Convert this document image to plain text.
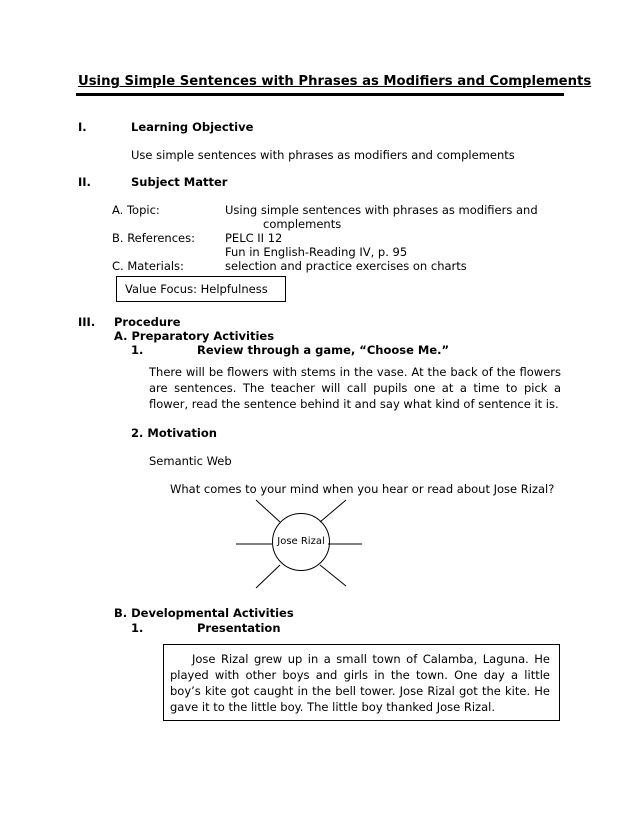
Using Simple Sentences with Phrases as Modifiers and Complements
I.	Learning Objective
Use simple sentences with phrases as modifiers and complements
II.	Subject Matter
A. Topic:	Using simple sentences with phrases as modifiers and
complements
B. References:	PELC II 12
Fun in English-Reading IV, p. 95
C. Materials:	selection and practice exercises on charts
Value Focus: Helpfulness
III. Procedure
A. Preparatory Activities
1.	Review through a game, “Choose Me.”
There will be flowers with stems in the vase. At the back of the flowers are sentences. The teacher will call pupils one at a time to pick a flower, read the sentence behind it and say what kind of sentence it is.
2. Motivation
Semantic Web
What comes to your mind when you hear or read about Jose Rizal?
Jose Rizal
B. Developmental Activities
1.	Presentation
Jose Rizal grew up in a small town of Calamba, Laguna. He played with other boys and girls in the town. One day a little boy’s kite got caught in the bell tower. Jose Rizal got the kite. He gave it to the little boy. The little boy thanked Jose Rizal.
